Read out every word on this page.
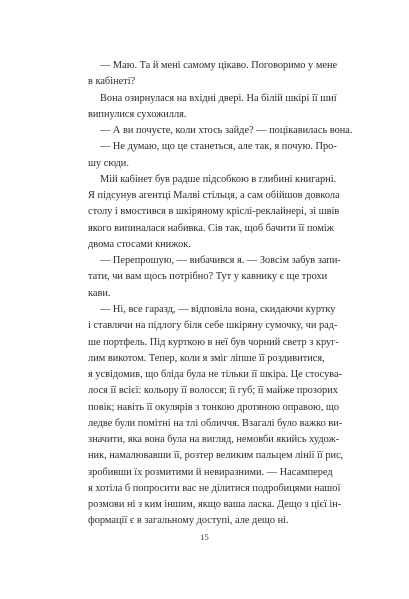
— Маю. Та й мені самому цікаво. Поговоримо у мене
в кабінеті?
Вона озирнулася на вхідні двері. На білій шкірі її шиї
випнулися сухожилля.
— А ви почуєте, коли хтось зайде? — поцікавилась вона.
— Не думаю, що це станеться, але так, я почую. Про-
шу сюди.
Мій кабінет був радше підсобкою в глибині книгарні.
Я підсунув агентці Малві стільця, а сам обійшов довкола
столу і вмостився в шкіряному кріслі-реклайнері, зі швів
якого випиналася набивка. Сів так, щоб бачити її поміж
двома стосами книжок.
— Перепрошую, — вибачився я. — Зовсім забув запи-
тати, чи вам щось потрібно? Тут у кавнику є ще трохи
кави.
— Ні, все гаразд, — відповіла вона, скидаючи куртку
і ставлячи на підлогу біля себе шкіряну сумочку, чи рад-
ше портфель. Під курткою в неї був чорний светр з круг-
лим викотом. Тепер, коли я зміг ліпше її роздивитися,
я усвідомив, що бліда була не тільки її шкіра. Це стосува-
лося її всієї: кольору її волосся; її губ; її майже прозорих
повік; навіть її окулярів з тонкою дротяною оправою, що
ледве були помітні на тлі обличчя. Взагалі було важко ви-
значити, яка вона була на вигляд, немовби якийсь худож-
ник, намалювавши її, розтер великим пальцем лінії її рис,
зробивши їх розмитими й невиразними. — Насамперед
я хотіла б попросити вас не ділитися подробицями нашої
розмови ні з ким іншим, якщо ваша ласка. Дещо з цієї ін-
формації є в загальному доступі, але дещо ні.
15
